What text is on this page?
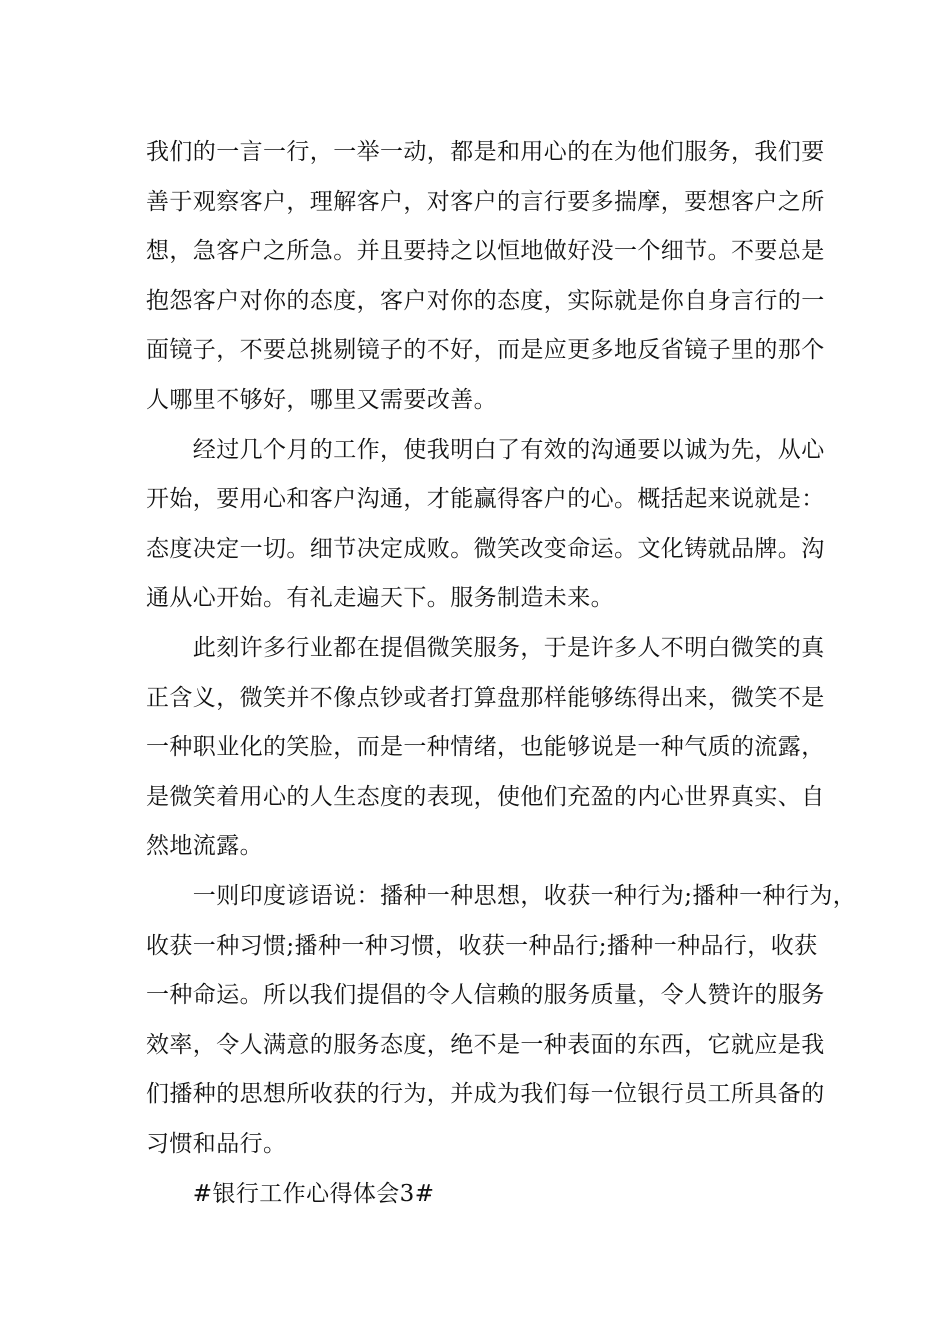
我们的一言一行，一举一动，都是和用心的在为他们服务，我们要
善于观察客户，理解客户，对客户的言行要多揣摩，要想客户之所
想，急客户之所急。并且要持之以恒地做好没一个细节。不要总是
抱怨客户对你的态度，客户对你的态度，实际就是你自身言行的一
面镜子，不要总挑剔镜子的不好，而是应更多地反省镜子里的那个
人哪里不够好，哪里又需要改善。
　　经过几个月的工作，使我明白了有效的沟通要以诚为先，从心
开始，要用心和客户沟通，才能赢得客户的心。概括起来说就是：
态度决定一切。细节决定成败。微笑改变命运。文化铸就品牌。沟
通从心开始。有礼走遍天下。服务制造未来。
　　此刻许多行业都在提倡微笑服务，于是许多人不明白微笑的真
正含义，微笑并不像点钞或者打算盘那样能够练得出来，微笑不是
一种职业化的笑脸，而是一种情绪，也能够说是一种气质的流露，
是微笑着用心的人生态度的表现，使他们充盈的内心世界真实、自
然地流露。
　　一则印度谚语说：播种一种思想，收获一种行为;播种一种行为，
收获一种习惯;播种一种习惯，收获一种品行;播种一种品行，收获
一种命运。所以我们提倡的令人信赖的服务质量，令人赞许的服务
效率，令人满意的服务态度，绝不是一种表面的东西，它就应是我
们播种的思想所收获的行为，并成为我们每一位银行员工所具备的
习惯和品行。
　　#银行工作心得体会3#
